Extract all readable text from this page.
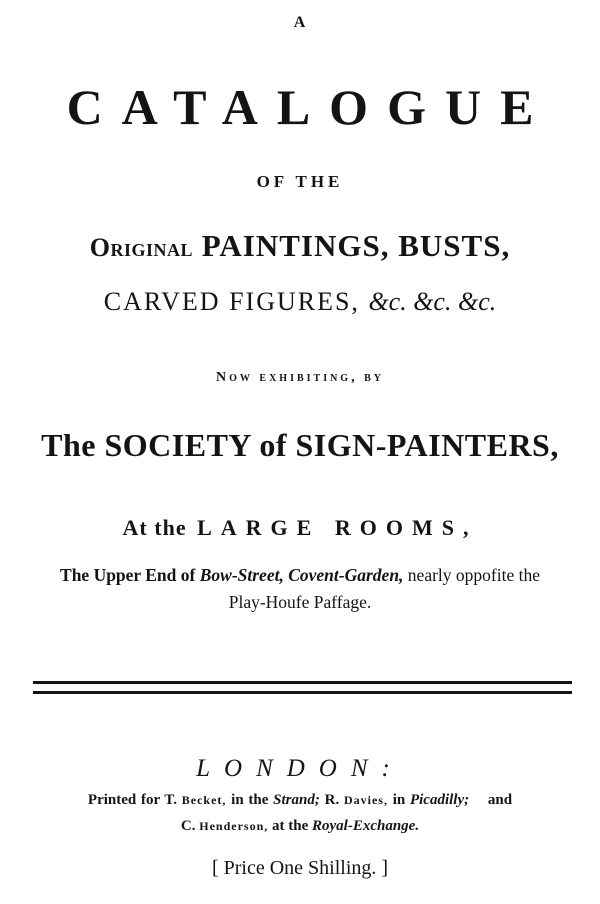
A
CATALOGUE
OF THE
Original PAINTINGS, BUSTS,
CARVED FIGURES, &c. &c. &c.
Now exhibiting, by
The SOCIETY of SIGN-PAINTERS,
At the LARGE ROOMS,
The Upper End of Bow-Street, Covent-Garden, nearly oppofite the
Play-Houfe Paffage.
LONDON:
Printed for T. Becket, in the Strand; R. Davies, in Picadilly; and
C. Henderson, at the Royal-Exchange.
[ Price One Shilling. ]
